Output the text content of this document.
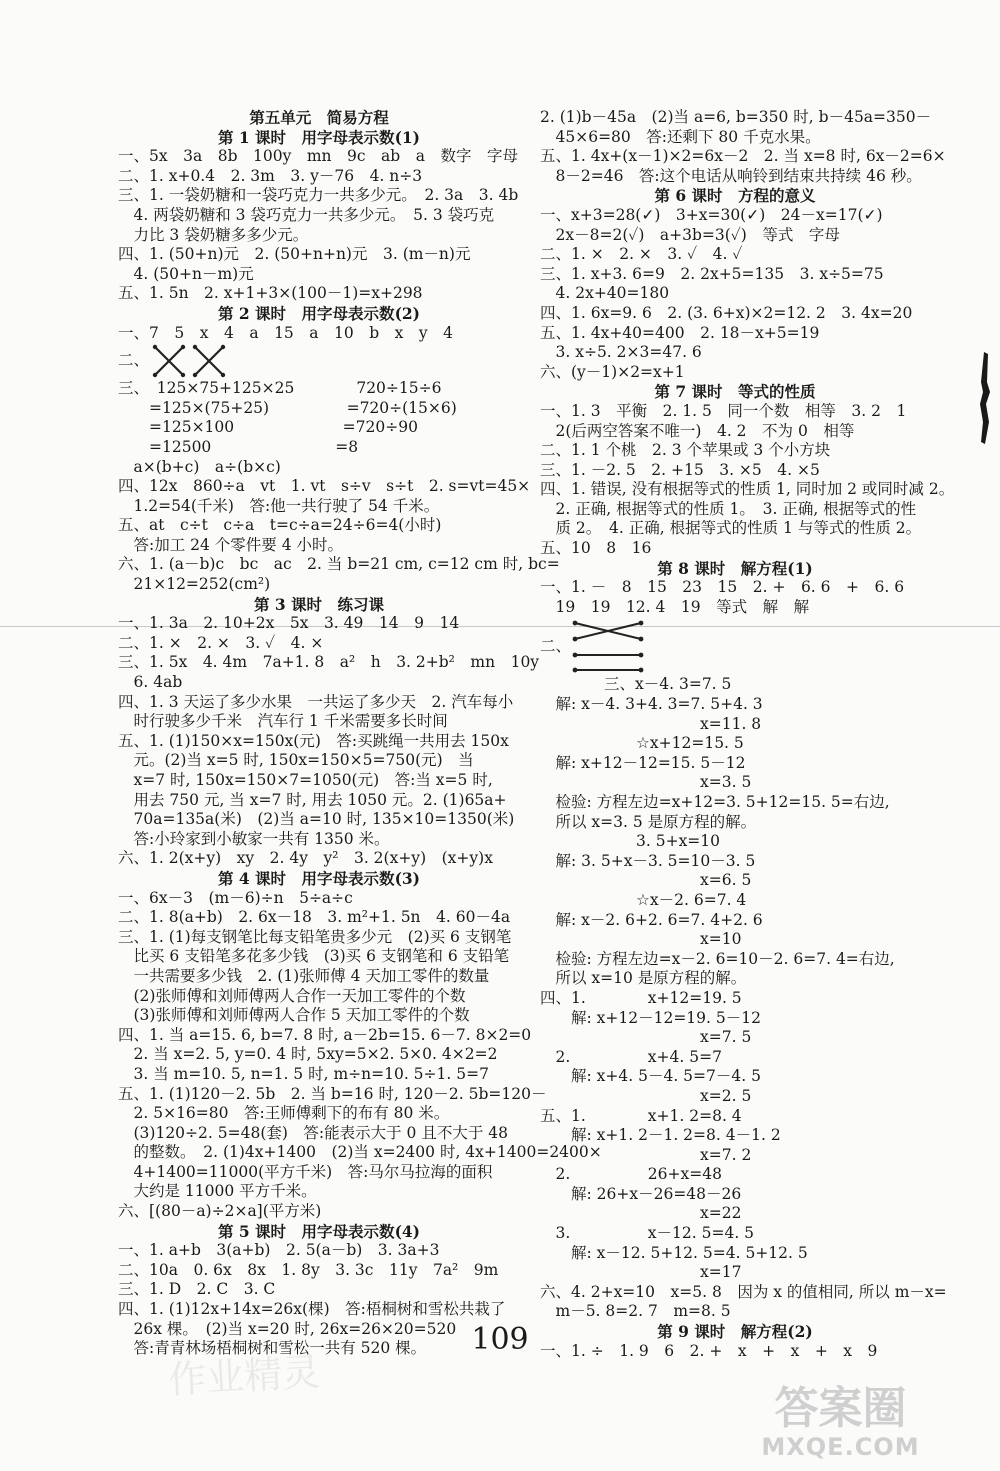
第五单元　简易方程
第 1 课时　用字母表示数(1)
一、5x　3a　8b　100y　mn　9c　ab　a　数字　字母
二、1. x+0.4　2. 3m　3. y－76　4. n÷3
三、1. 一袋奶糖和一袋巧克力一共多少元。　2. 3a　3. 4b
　4. 两袋奶糖和 3 袋巧克力一共多少元。　5. 3 袋巧克
　力比 3 袋奶糖多多少元。
四、1. (50+n)元　2. (50+n+n)元　3. (m－n)元
　4. (50+n－m)元
五、1. 5n　2. x+1+3×(100－1)=x+298
第 2 课时　用字母表示数(2)
一、7　5　x　4　a　15　a　10　b　x　y　4
二、
三、　125×75+125×25　　　　720÷15÷6
　　=125×(75+25)　　　　　=720÷(15×6)
　　=125×100　　　　　　　=720÷90
　　=12500　　　　　　　　=8
　a×(b+c)　a÷(b×c)
四、12x　860÷a　vt　1. vt　s÷v　s÷t　2. s=vt=45×
　1.2=54(千米)　答:他一共行驶了 54 千米。
五、at　c÷t　c÷a　t=c÷a=24÷6=4(小时)
　答:加工 24 个零件要 4 小时。
六、1. (a－b)c　bc　ac　2. 当 b=21 cm, c=12 cm 时, bc=
　21×12=252(cm²)
第 3 课时　练习课
一、1. 3a　2. 10+2x　5x　3. 49　14　9　14
二、1. ×　2. ×　3. ✓　4. ×
三、1. 5x　4. 4m　7a+1. 8　a²　h　3. 2+b²　mn　10y
　6. 4ab
四、1. 3 天运了多少水果　一共运了多少天　2. 汽车每小
　时行驶多少千米　汽车行 1 千米需要多长时间
五、1. (1)150×x=150x(元)　答:买跳绳一共用去 150x
　元。(2)当 x=5 时, 150x=150×5=750(元)　当
　x=7 时, 150x=150×7=1050(元)　答:当 x=5 时,
　用去 750 元, 当 x=7 时, 用去 1050 元。2. (1)65a+
　70a=135a(米)　(2)当 a=10 时, 135×10=1350(米)
　答:小玲家到小敏家一共有 1350 米。
六、1. 2(x+y)　xy　2. 4y　y²　3. 2(x+y)　(x+y)x
第 4 课时　用字母表示数(3)
一、6x－3　(m－6)÷n　5÷a÷c
二、1. 8(a+b)　2. 6x－18　3. m²+1. 5n　4. 60－4a
三、1. (1)每支钢笔比每支铅笔贵多少元　(2)买 6 支钢笔
　比买 6 支铅笔多花多少钱　(3)买 6 支钢笔和 6 支铅笔
　一共需要多少钱　2. (1)张师傅 4 天加工零件的数量
　(2)张师傅和刘师傅两人合作一天加工零件的个数
　(3)张师傅和刘师傅两人合作 5 天加工零件的个数
四、1. 当 a=15. 6, b=7. 8 时, a－2b=15. 6－7. 8×2=0
　2. 当 x=2. 5, y=0. 4 时, 5xy=5×2. 5×0. 4×2=2
　3. 当 m=10. 5, n=1. 5 时, m÷n=10. 5÷1. 5=7
五、1. (1)120－2. 5b　2. 当 b=16 时, 120－2. 5b=120－
　2. 5×16=80　答:王师傅剩下的布有 80 米。
　(3)120÷2. 5=48(套)　答:能表示大于 0 且不大于 48
　的整数。　2. (1)4x+1400　(2)当 x=2400 时, 4x+1400=2400×
　4+1400=11000(平方千米)　答:马尔马拉海的面积
　大约是 11000 平方千米。
六、[(80－a)÷2×a](平方米)
第 5 课时　用字母表示数(4)
一、1. a+b　3(a+b)　2. 5(a－b)　3. 3a+3
二、10a　0. 6x　8x　1. 8y　3. 3c　11y　7a²　9m
三、1. D　2. C　3. C
四、1. (1)12x+14x=26x(棵)　答:梧桐树和雪松共栽了
　26x 棵。　(2)当 x=20 时, 26x=26×20=520
　答:青青林场梧桐树和雪松一共有 520 棵。
2. (1)b－45a　(2)当 a=6, b=350 时, b－45a=350－
　45×6=80　答:还剩下 80 千克水果。
五、1. 4x+(x－1)×2=6x－2　2. 当 x=8 时, 6x－2=6×
　8－2=46　答:这个电话从响铃到结束共持续 46 秒。
第 6 课时　方程的意义
一、x+3=28(✓)　3+x=30(✓)　24－x=17(✓)
　2x－8=2(✓)　a+3b=3(✓)　等式　字母
二、1. ×　2. ×　3. ✓　4. ✓
三、1. x+3. 6=9　2. 2x+5=135　3. x÷5=75
　4. 2x+40=180
四、1. 6x=9. 6　2. (3. 6+x)×2=12. 2　3. 4x=20
五、1. 4x+40=400　2. 18－x+5=19
　3. x÷5. 2×3=47. 6
六、(y－1)×2=x+1
第 7 课时　等式的性质
一、1. 3　平衡　2. 1. 5　同一个数　相等　3. 2　1
　2(后两空答案不唯一)　4. 2　不为 0　相等
二、1. 1 个桃　2. 3 个苹果或 3 个小方块
三、1. －2. 5　2. +15　3. ×5　4. ×5
四、1. 错误, 没有根据等式的性质 1, 同时加 2 或同时减 2。
　2. 正确, 根据等式的性质 1。　3. 正确, 根据等式的性
　质 2。　4. 正确, 根据等式的性质 1 与等式的性质 2。
五、10　8　16
第 8 课时　解方程(1)
一、1. －　8　15　23　15　2. +　6. 6　+　6. 6
　19　19　12. 4　19　等式　解　解
二、
三、x－4. 3=7. 5
　解: x－4. 3+4. 3=7. 5+4. 3
x=11. 8
☆x+12=15. 5
　解: x+12－12=15. 5－12
x=3. 5
　检验: 方程左边=x+12=3. 5+12=15. 5=右边,
　所以 x=3. 5 是原方程的解。
3. 5+x=10
　解: 3. 5+x－3. 5=10－3. 5
x=6. 5
☆x－2. 6=7. 4
　解: x－2. 6+2. 6=7. 4+2. 6
x=10
　检验: 方程左边=x－2. 6=10－2. 6=7. 4=右边,
　所以 x=10 是原方程的解。
四、1.　　　　x+12=19. 5
　　解: x+12－12=19. 5－12
x=7. 5
　2.　　　　　x+4. 5=7
　　解: x+4. 5－4. 5=7－4. 5
x=2. 5
五、1.　　　　x+1. 2=8. 4
　　解: x+1. 2－1. 2=8. 4－1. 2
x=7. 2
　2.　　　　　26+x=48
　　解: 26+x－26=48－26
x=22
　3.　　　　　x－12. 5=4. 5
　　解: x－12. 5+12. 5=4. 5+12. 5
x=17
六、4. 2+x=10　x=5. 8　因为 x 的值相同, 所以 m－x=
　m－5. 8=2. 7　m=8. 5
第 9 课时　解方程(2)
一、1. ÷　1. 9　6　2. +　x　+　x　+　x　9
109
作业精灵
答案圈
MXQE.COM
